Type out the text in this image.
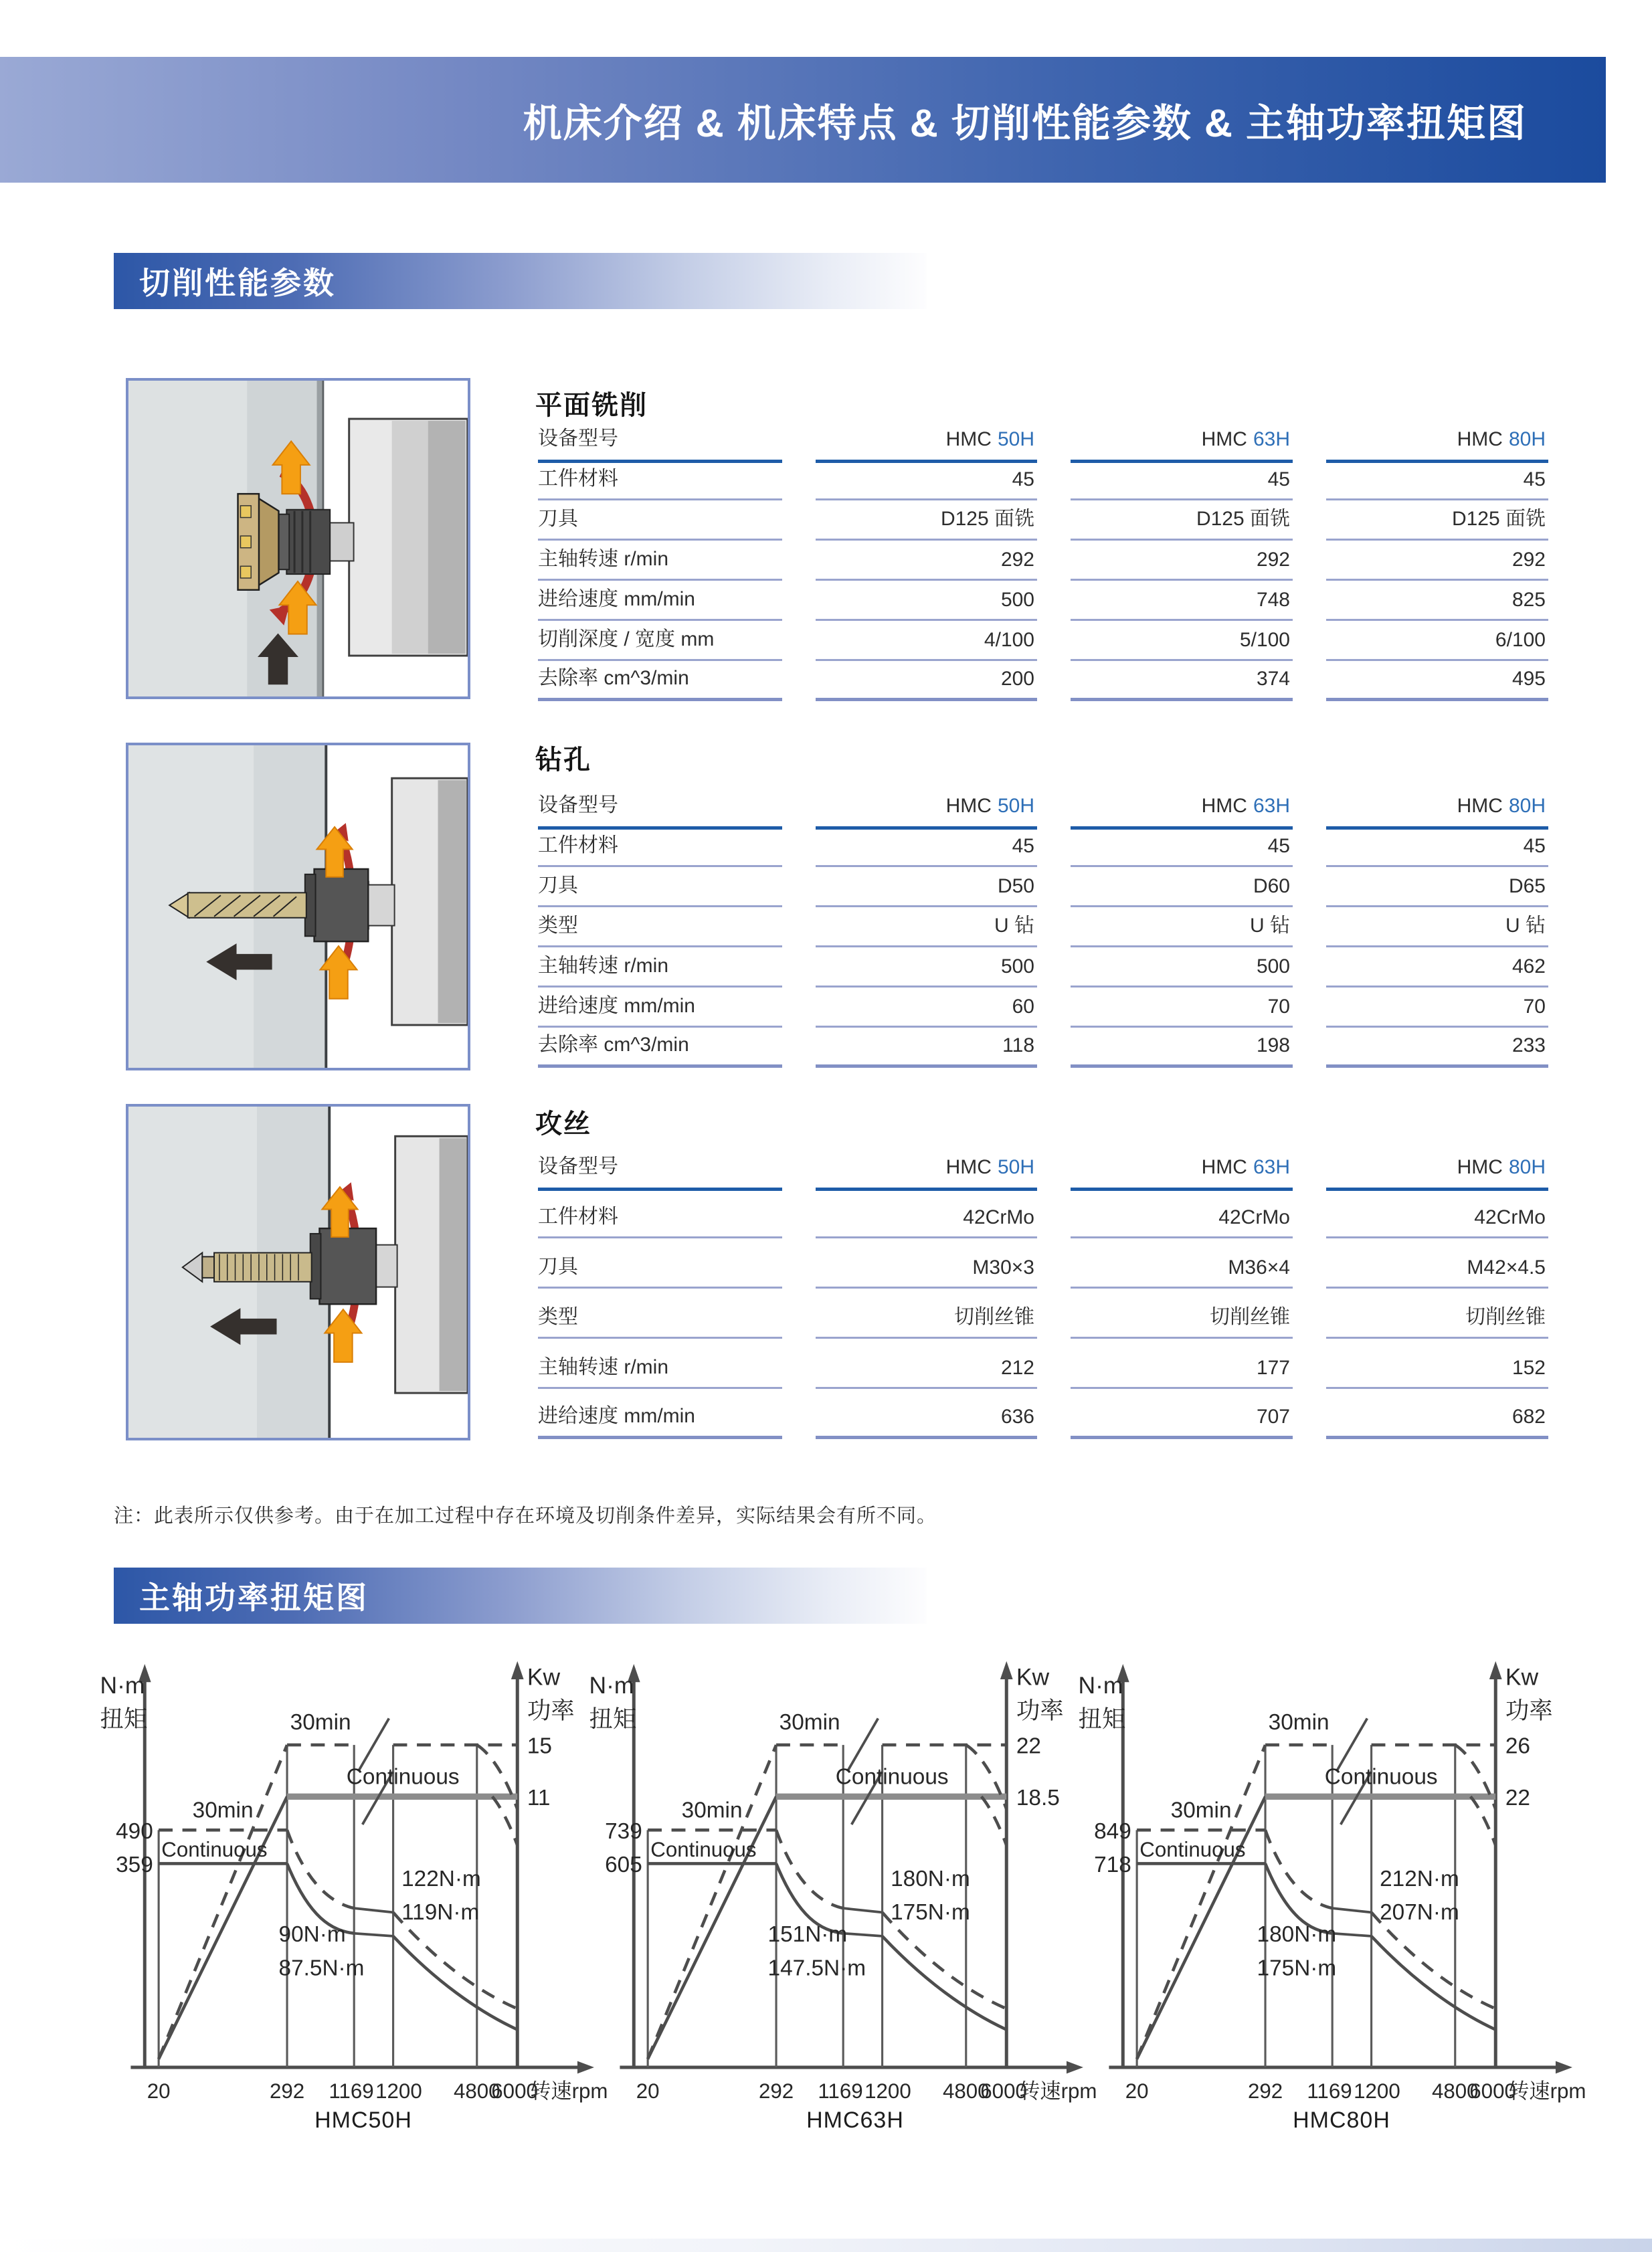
机床介绍 & 机床特点 & 切削性能参数 & 主轴功率扭矩图
切削性能参数
平面铣削
钻孔
攻丝
设备型号	HMC 50H	HMC 63H	HMC 80H
工件材料	45	45	45
刀具	D125 面铣	D125 面铣	D125 面铣
主轴转速 r/min	292	292	292
进给速度 mm/min	500	748	825
切削深度 / 宽度 mm	4/100	5/100	6/100
去除率 cm^3/min	200	374	495
设备型号	HMC 50H	HMC 63H	HMC 80H
工件材料	45	45	45
刀具	D50	D60	D65
类型	U 钻	U 钻	U 钻
主轴转速 r/min	500	500	462
进给速度 mm/min	60	70	70
去除率 cm^3/min	118	198	233
设备型号	HMC 50H	HMC 63H	HMC 80H
工件材料	42CrMo	42CrMo	42CrMo
刀具	M30×3	M36×4	M42×4.5
类型	切削丝锥	切削丝锥	切削丝锥
主轴转速 r/min	212	177	152
进给速度 mm/min	636	707	682
注：此表所示仅供参考。由于在加工过程中存在环境及切削条件差异，实际结果会有所不同。
主轴功率扭矩图
N·m
扭矩
Kw
功率
490
359
15
11
30min
Continuous
30min
Continuous
122N·m
119N·m
90N·m
87.5N·m
20	292 1169 1200	4800
6000
转速rpm
N·m
扭矩
Kw
功率
739
605
22
18.5
30min
Continuous
30min
Continuous
180N·m
175N·m
151N·m
147.5N·m
20	292 1169 1200	4800
6000
转速rpm
N·m
扭矩
Kw
功率
849
718
26
22
30min
Continuous
30min
Continuous
212N·m
207N·m
180N·m
175N·m
20	292 1169 1200	4800
6000
转速rpm
HMC50H	HMC63H	HMC80H
